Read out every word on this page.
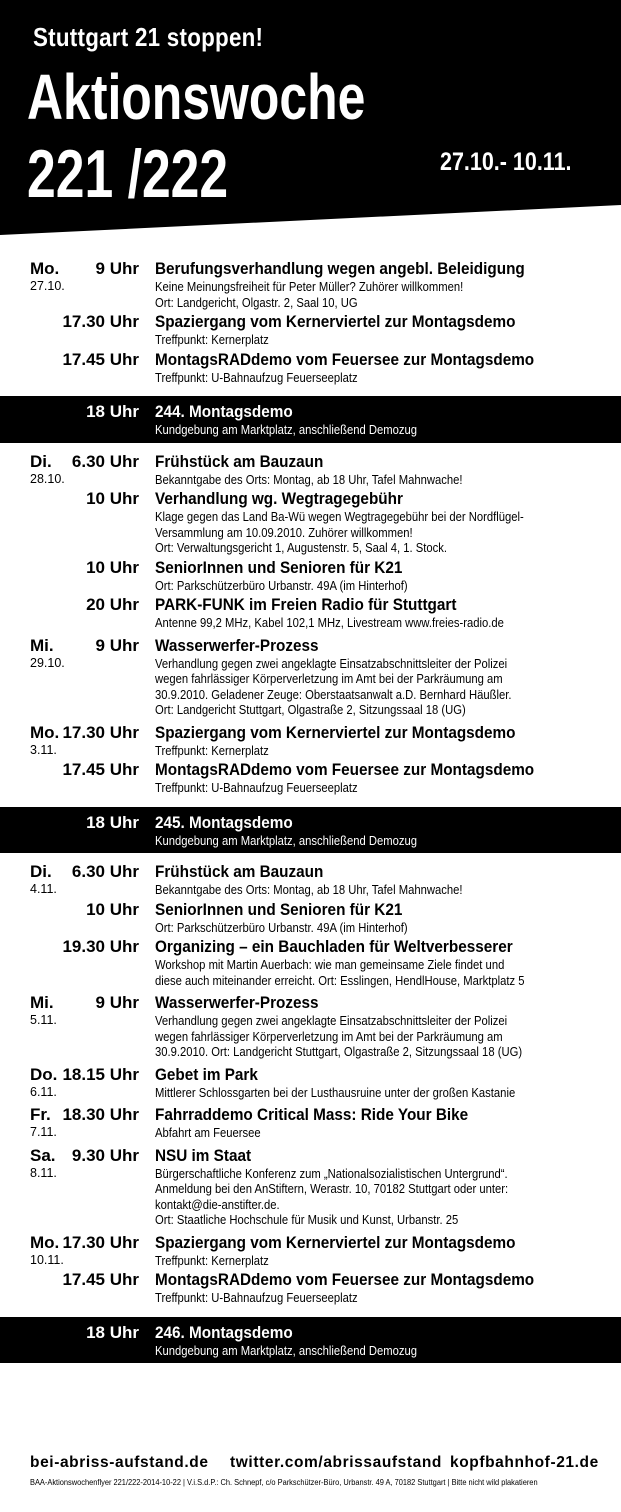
Stuttgart 21 stoppen!
Aktionswoche
221 /222	27.10.- 10.11.
Mo.
27.10.
9 Uhr Berufungsverhandlung wegen angebl. Beleidigung
Keine Meinungsfreiheit für Peter Müller? Zuhörer willkommen!
Ort: Landgericht, Olgastr. 2, Saal 10, UG
17.30 Uhr Spaziergang vom Kernerviertel zur Montagsdemo
Treffpunkt: Kernerplatz
17.45 Uhr MontagsRADdemo vom Feuersee zur Montagsdemo
Treffpunkt: U-Bahnaufzug Feuerseeplatz
18 Uhr 244. Montagsdemo
Kundgebung am Marktplatz, anschließend Demozug
Di.
28.10.
6.30 Uhr Frühstück am Bauzaun
Bekanntgabe des Orts: Montag, ab 18 Uhr, Tafel Mahnwache!
10 Uhr Verhandlung wg. Wegtragegebühr
Klage gegen das Land Ba-Wü wegen Wegtragegebühr bei der Nordflügel-
Versammlung am 10.09.2010. Zuhörer willkommen!
Ort: Verwaltungsgericht 1, Augustenstr. 5, Saal 4, 1. Stock.
10 Uhr SeniorInnen und Senioren für K21
Ort: Parkschützerbüro Urbanstr. 49A (im Hinterhof)
20 Uhr PARK-FUNK im Freien Radio für Stuttgart
Antenne 99,2 MHz, Kabel 102,1 MHz, Livestream www.freies-radio.de
Mi.
29.10.
9 Uhr Wasserwerfer-Prozess
Verhandlung gegen zwei angeklagte Einsatzabschnittsleiter der Polizei
wegen fahrlässiger Körperverletzung im Amt bei der Parkräumung am
30.9.2010. Geladener Zeuge: Oberstaatsanwalt a.D. Bernhard Häußler.
Ort: Landgericht Stuttgart, Olgastraße 2, Sitzungssaal 18 (UG)
Mo.
3.11.
17.30 Uhr Spaziergang vom Kernerviertel zur Montagsdemo
Treffpunkt: Kernerplatz
17.45 Uhr MontagsRADdemo vom Feuersee zur Montagsdemo
Treffpunkt: U-Bahnaufzug Feuerseeplatz
18 Uhr 245. Montagsdemo
Kundgebung am Marktplatz, anschließend Demozug
Di.
4.11.
6.30 Uhr Frühstück am Bauzaun
Bekanntgabe des Orts: Montag, ab 18 Uhr, Tafel Mahnwache!
10 Uhr SeniorInnen und Senioren für K21
Ort: Parkschützerbüro Urbanstr. 49A (im Hinterhof)
19.30 Uhr Organizing – ein Bauchladen für Weltverbesserer
Workshop mit Martin Auerbach: wie man gemeinsame Ziele findet und
diese auch miteinander erreicht. Ort: Esslingen, HendlHouse, Marktplatz 5
Mi.
5.11.
9 Uhr Wasserwerfer-Prozess
Verhandlung gegen zwei angeklagte Einsatzabschnittsleiter der Polizei
wegen fahrlässiger Körperverletzung im Amt bei der Parkräumung am
30.9.2010. Ort: Landgericht Stuttgart, Olgastraße 2, Sitzungssaal 18 (UG)
Do.
6.11.
18.15 Uhr Gebet im Park
Mittlerer Schlossgarten bei der Lusthausruine unter der großen Kastanie
Fr.
7.11.
18.30 Uhr Fahrraddemo Critical Mass: Ride Your Bike
Abfahrt am Feuersee
Sa.
8.11.
9.30 Uhr NSU im Staat
Bürgerschaftliche Konferenz zum „Nationalsozialistischen Untergrund“.
Anmeldung bei den AnStiftern, Werastr. 10, 70182 Stuttgart oder unter:
kontakt@die-anstifter.de.
Ort: Staatliche Hochschule für Musik und Kunst, Urbanstr. 25
Mo.
10.11.
17.30 Uhr Spaziergang vom Kernerviertel zur Montagsdemo
Treffpunkt: Kernerplatz
17.45 Uhr MontagsRADdemo vom Feuersee zur Montagsdemo
Treffpunkt: U-Bahnaufzug Feuerseeplatz
18 Uhr 246. Montagsdemo
Kundgebung am Marktplatz, anschließend Demozug
bei-abriss-aufstand.de twitter.com/abrissaufstand kopfbahnhof-21.de
BAA-Aktionswochenflyer 221/222-2014-10-22 | V.i.S.d.P.: Ch. Schnepf, c/o Parkschützer-Büro, Urbanstr. 49 A, 70182 Stuttgart | Bitte nicht wild plakatieren
